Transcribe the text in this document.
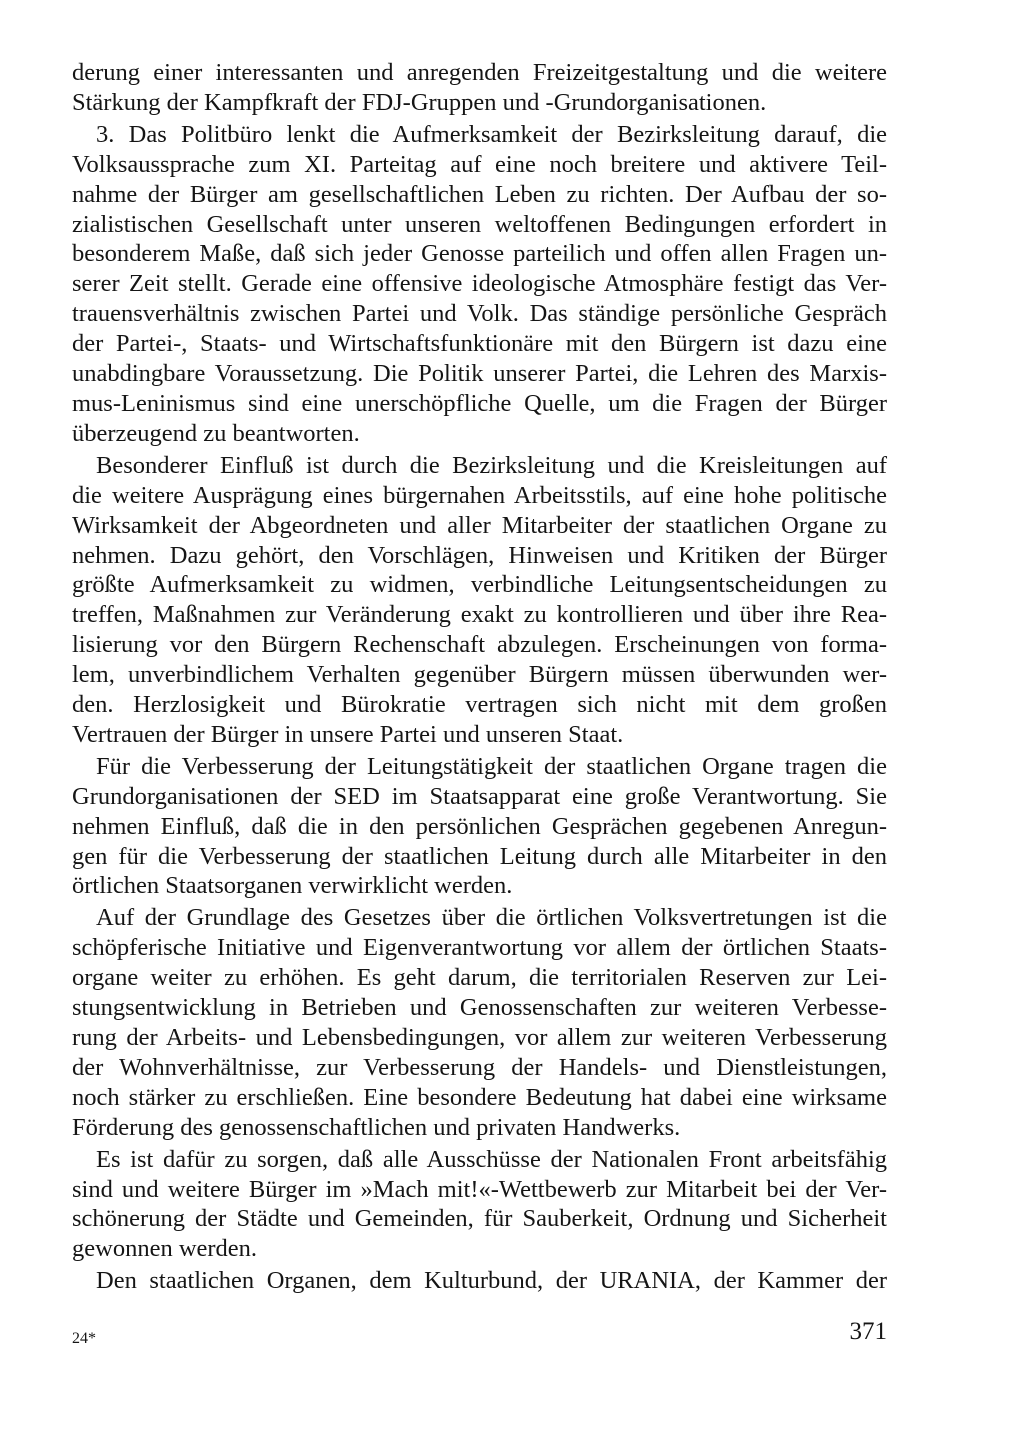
derung einer interessanten und anregenden Freizeitgestaltung und die weitere
Stärkung der Kampfkraft der FDJ-Gruppen und -Grundorganisationen.
3. Das Politbüro lenkt die Aufmerksamkeit der Bezirksleitung darauf, die
Volksaussprache zum XI. Parteitag auf eine noch breitere und aktivere Teil-
nahme der Bürger am gesellschaftlichen Leben zu richten. Der Aufbau der so-
zialistischen Gesellschaft unter unseren weltoffenen Bedingungen erfordert in
besonderem Maße, daß sich jeder Genosse parteilich und offen allen Fragen un-
serer Zeit stellt. Gerade eine offensive ideologische Atmosphäre festigt das Ver-
trauensverhältnis zwischen Partei und Volk. Das ständige persönliche Gespräch
der Partei-, Staats- und Wirtschaftsfunktionäre mit den Bürgern ist dazu eine
unabdingbare Voraussetzung. Die Politik unserer Partei, die Lehren des Marxis-
mus-Leninismus sind eine unerschöpfliche Quelle, um die Fragen der Bürger
überzeugend zu beantworten.
Besonderer Einfluß ist durch die Bezirksleitung und die Kreisleitungen auf
die weitere Ausprägung eines bürgernahen Arbeitsstils, auf eine hohe politische
Wirksamkeit der Abgeordneten und aller Mitarbeiter der staatlichen Organe zu
nehmen. Dazu gehört, den Vorschlägen, Hinweisen und Kritiken der Bürger
größte Aufmerksamkeit zu widmen, verbindliche Leitungsentscheidungen zu
treffen, Maßnahmen zur Veränderung exakt zu kontrollieren und über ihre Rea-
lisierung vor den Bürgern Rechenschaft abzulegen. Erscheinungen von forma-
lem, unverbindlichem Verhalten gegenüber Bürgern müssen überwunden wer-
den. Herzlosigkeit und Bürokratie vertragen sich nicht mit dem großen
Vertrauen der Bürger in unsere Partei und unseren Staat.
Für die Verbesserung der Leitungstätigkeit der staatlichen Organe tragen die
Grundorganisationen der SED im Staatsapparat eine große Verantwortung. Sie
nehmen Einfluß, daß die in den persönlichen Gesprächen gegebenen Anregun-
gen für die Verbesserung der staatlichen Leitung durch alle Mitarbeiter in den
örtlichen Staatsorganen verwirklicht werden.
Auf der Grundlage des Gesetzes über die örtlichen Volksvertretungen ist die
schöpferische Initiative und Eigenverantwortung vor allem der örtlichen Staats-
organe weiter zu erhöhen. Es geht darum, die territorialen Reserven zur Lei-
stungsentwicklung in Betrieben und Genossenschaften zur weiteren Verbesse-
rung der Arbeits- und Lebensbedingungen, vor allem zur weiteren Verbesserung
der Wohnverhältnisse, zur Verbesserung der Handels- und Dienstleistungen,
noch stärker zu erschließen. Eine besondere Bedeutung hat dabei eine wirksame
Förderung des genossenschaftlichen und privaten Handwerks.
Es ist dafür zu sorgen, daß alle Ausschüsse der Nationalen Front arbeitsfähig
sind und weitere Bürger im »Mach mit!«-Wettbewerb zur Mitarbeit bei der Ver-
schönerung der Städte und Gemeinden, für Sauberkeit, Ordnung und Sicherheit
gewonnen werden.
Den staatlichen Organen, dem Kulturbund, der URANIA, der Kammer der
24*	371
